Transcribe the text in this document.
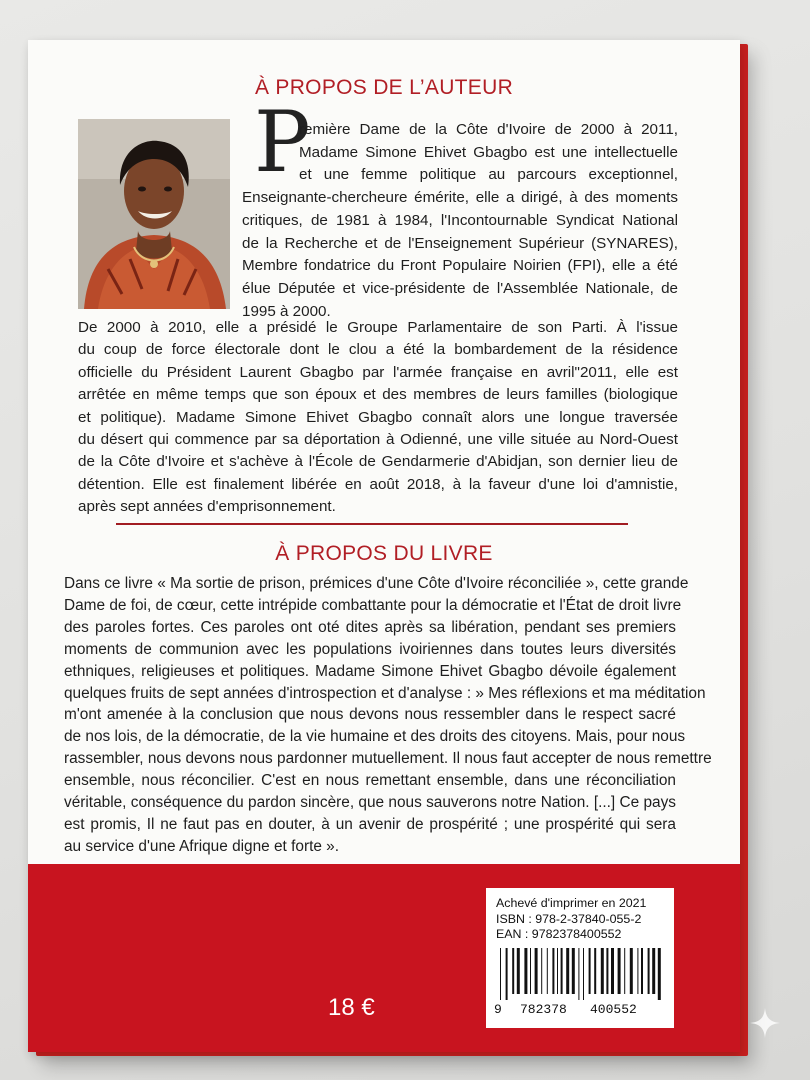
À PROPOS DE L’AUTEUR
P
remière Dame de la Côte d'Ivoire de 2000 à 2011,
Madame Simone Ehivet Gbagbo est une intellectuelle
et une femme politique au parcours exceptionnel,
Enseignante-chercheure émérite, elle a dirigé, à des moments
critiques, de 1981 à 1984, l'Incontournable Syndicat National
de la Recherche et de l'Enseignement Supérieur (SYNARES),
Membre fondatrice du Front Populaire Noirien (FPI), elle a été
élue Députée et vice-présidente de l'Assemblée Nationale, de
1995 à 2000.
De 2000 à 2010, elle a présidé le Groupe Parlamentaire de son Parti. À l'issue
du coup de force électorale dont le clou a été la bombardement de la résidence
officielle du Président Laurent Gbagbo par l'armée française en avril"2011, elle est
arrêtée en même temps que son époux et des membres de leurs familles (biologique
et politique). Madame Simone Ehivet Gbagbo connaît alors une longue traversée
du désert qui commence par sa déportation à Odienné, une ville située au Nord-Ouest
de la Côte d'Ivoire et s'achève à l'École de Gendarmerie d'Abidjan, son dernier lieu de
détention. Elle est finalement libérée en août 2018, à la faveur d'une loi d'amnistie,
après sept années d'emprisonnement.
À PROPOS DU LIVRE
Dans ce livre « Ma sortie de prison, prémices d'une Côte d'Ivoire réconciliée », cette grande
Dame de foi, de cœur, cette intrépide combattante pour la démocratie et l'État de droit livre
des paroles fortes. Ces paroles ont oté dites après sa libération, pendant ses premiers
moments de communion avec les populations ivoiriennes dans toutes leurs diversités
ethniques, religieuses et politiques. Madame Simone Ehivet Gbagbo dévoile également
quelques fruits de sept années d'introspection et d'analyse : » Mes réflexions et ma méditation
m'ont amenée à la conclusion que nous devons nous ressembler dans le respect sacré
de nos lois, de la démocratie, de la vie humaine et des droits des citoyens. Mais, pour nous
rassembler, nous devons nous pardonner mutuellement. Il nous faut accepter de nous remettre
ensemble, nous réconcilier. C'est en nous remettant ensemble, dans une réconciliation
véritable, conséquence du pardon sincère, que nous sauverons notre Nation. [...] Ce pays
est promis, Il ne faut pas en douter, à un avenir de prospérité ; une prospérité qui sera
au service d'une Afrique digne et forte ».
18 €
Achevé d'imprimer en 2021
ISBN : 978-2-37840-055-2
EAN : 9782378400552
9 782378 400552
